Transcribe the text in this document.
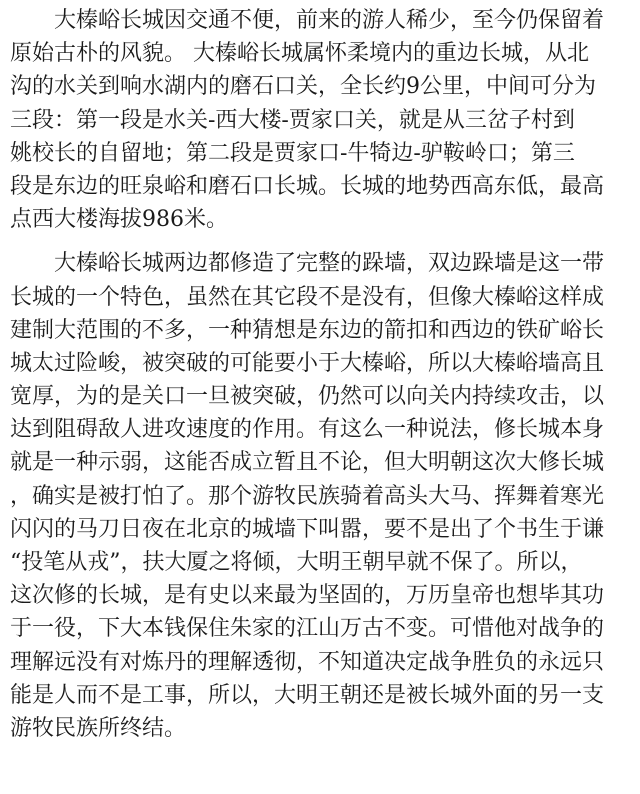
大榛峪长城因交通不便，前来的游人稀少，至今仍保留着
原始古朴的风貌。 大榛峪长城属怀柔境内的重边长城，从北
沟的水关到响水湖内的磨石口关，全长约9公里，中间可分为
三段：第一段是水关-西大楼-贾家口关，就是从三岔子村到
姚校长的自留地；第二段是贾家口-牛犄边-驴鞍岭口；第三
段是东边的旺泉峪和磨石口长城。长城的地势西高东低，最高
点西大楼海拔986米。

大榛峪长城两边都修造了完整的跺墙，双边跺墙是这一带
长城的一个特色，虽然在其它段不是没有，但像大榛峪这样成
建制大范围的不多，一种猜想是东边的箭扣和西边的铁矿峪长
城太过险峻，被突破的可能要小于大榛峪，所以大榛峪墙高且
宽厚，为的是关口一旦被突破，仍然可以向关内持续攻击，以
达到阻碍敌人进攻速度的作用。有这么一种说法，修长城本身
就是一种示弱，这能否成立暂且不论，但大明朝这次大修长城
，确实是被打怕了。那个游牧民族骑着高头大马、挥舞着寒光
闪闪的马刀日夜在北京的城墙下叫嚣，要不是出了个书生于谦
“投笔从戎”，扶大厦之将倾，大明王朝早就不保了。所以，
这次修的长城，是有史以来最为坚固的，万历皇帝也想毕其功
于一役，下大本钱保住朱家的江山万古不变。可惜他对战争的
理解远没有对炼丹的理解透彻，不知道决定战争胜负的永远只
能是人而不是工事，所以，大明王朝还是被长城外面的另一支
游牧民族所终结。
